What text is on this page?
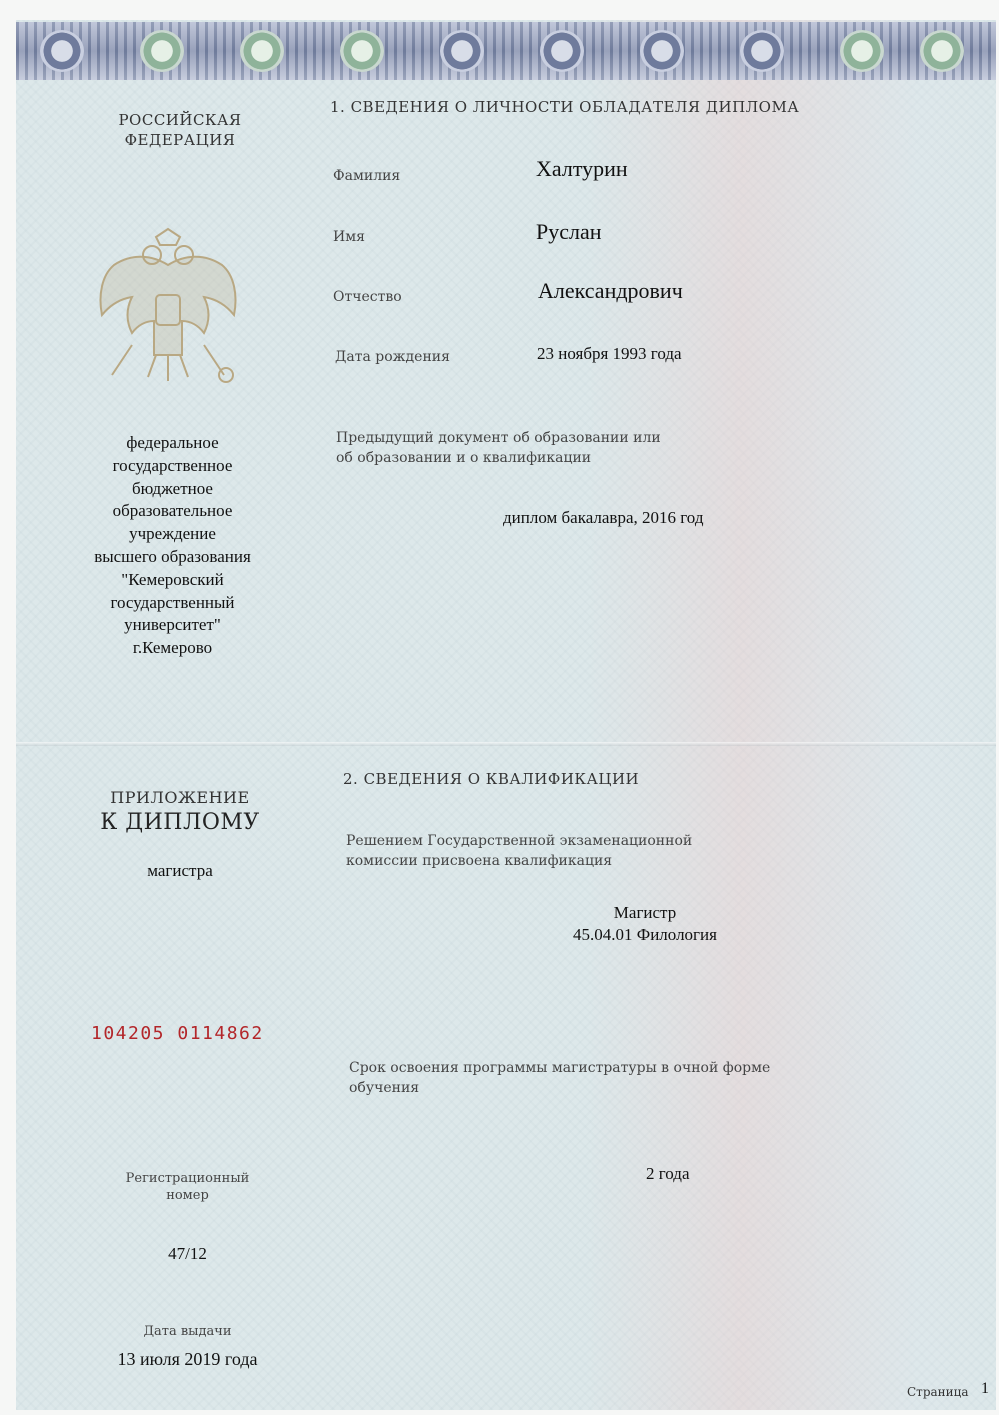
РОССИЙСКАЯ
ФЕДЕРАЦИЯ
федеральное
государственное
бюджетное
образовательное
учреждение
высшего образования
"Кемеровский
государственный
университет"
г.Кемерово
1. СВЕДЕНИЯ О ЛИЧНОСТИ ОБЛАДАТЕЛЯ ДИПЛОМА
Фамилия	Халтурин
Имя	Руслан
Отчество	Александрович
Дата рождения	23 ноября 1993 года
Предыдущий документ об образовании или
об образовании и о квалификации
диплом бакалавра, 2016 год
ПРИЛОЖЕНИЕ
К ДИПЛОМУ
магистра
104205 0114862
Регистрационный
номер
47/12
Дата выдачи
13 июля 2019 года
2. СВЕДЕНИЯ О КВАЛИФИКАЦИИ
Решением Государственной экзаменационной
комиссии присвоена квалификация
Магистр
45.04.01 Филология
Срок освоения программы магистратуры в очной форме
обучения
2 года
Страница 1
